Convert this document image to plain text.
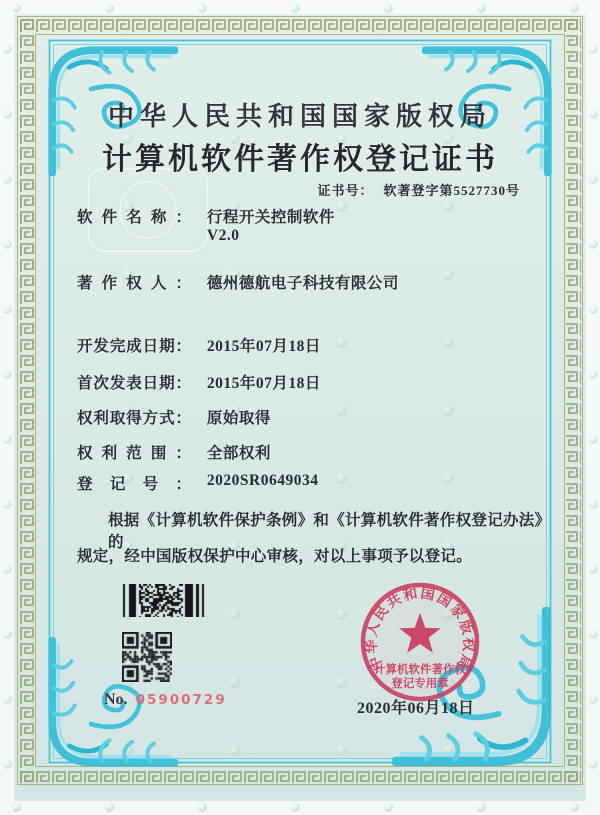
中华人民共和国国家版权局
计算机软件著作权登记证书
证书号： 软著登字第5527730号
软件名称： 行程开关控制软件
V2.0
著作权人： 德州德航电子科技有限公司
开发完成日期： 2015年07月18日
首次发表日期： 2015年07月18日
权利取得方式： 原始取得
权利范围： 全部权利
登记号： 2020SR0649034
根据《计算机软件保护条例》和《计算机软件著作权登记办法》的
规定，经中国版权保护中心审核，对以上事项予以登记。
No. 05900729
中华人民共和国国家版权局
计算机软件著作权
登记专用章
2020年06月18日
